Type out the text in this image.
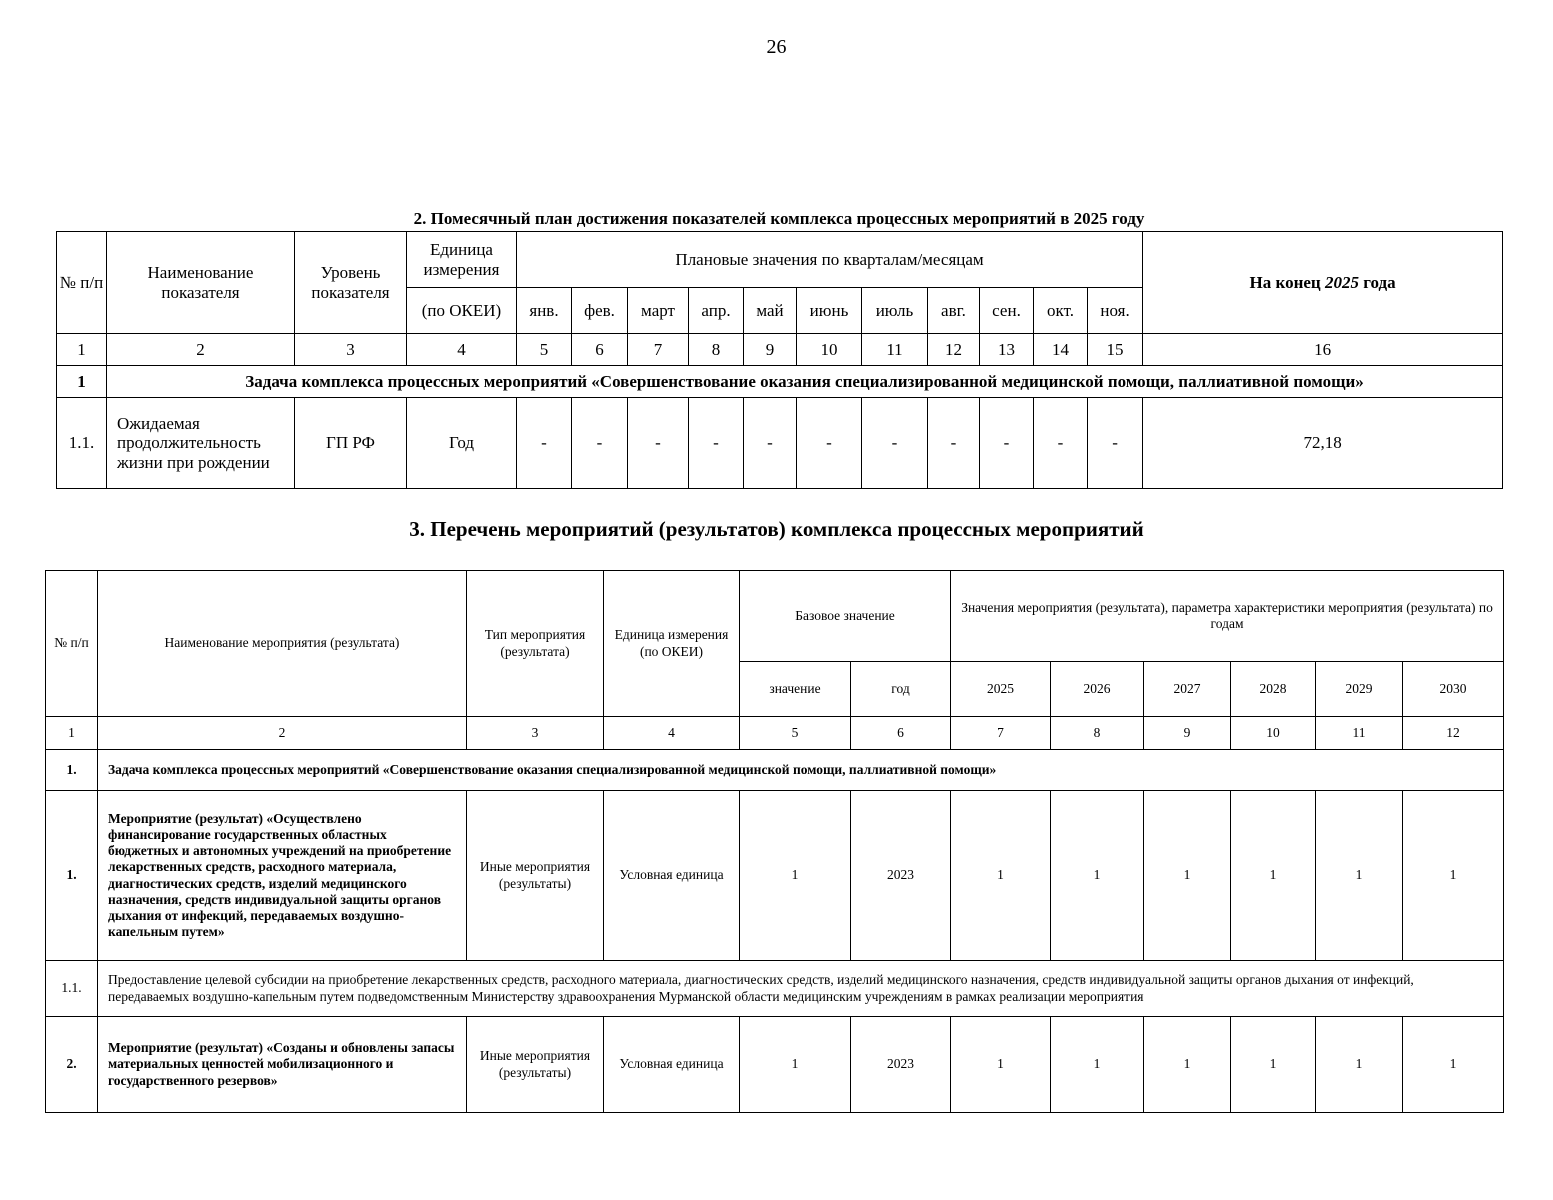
26
2. Помесячный план достижения показателей комплекса процессных мероприятий в 2025 году
№ п/п	Наименование показателя	Уровень показателя	Единица измерения	Плановые значения по кварталам/месяцам											На конец 2025 года
			(по ОКЕИ)	янв.	фев.	март	апр.	май	июнь	июль	авг.	сен.	окт.	ноя.	
1	2	3	4	5	6	7	8	9	10	11	12	13	14	15	16
1	Задача комплекса процессных мероприятий «Совершенствование оказания специализированной медицинской помощи, паллиативной помощи»														
1.1.	Ожидаемая продолжительность жизни при рождении	ГП РФ	Год	-	-	-	-	-	-	-	-	-	-	-	72,18
3. Перечень мероприятий (результатов) комплекса процессных мероприятий
№ п/п	Наименование мероприятия (результата)	Тип мероприятия (результата)	Единица измерения (по ОКЕИ)	Базовое значение		Значения мероприятия (результата), параметра характеристики мероприятия (результата) по годам					
				значение	год	2025	2026	2027	2028	2029	2030
1	2	3	4	5	6	7	8	9	10	11	12
1.	Задача комплекса процессных мероприятий «Совершенствование оказания специализированной медицинской помощи, паллиативной помощи»										
1.	Мероприятие (результат) «Осуществлено финансирование государственных областных бюджетных и автономных учреждений на приобретение лекарственных средств, расходного материала, диагностических средств, изделий медицинского назначения, средств индивидуальной защиты органов дыхания от инфекций, передаваемых воздушно-капельным путем»	Иные мероприятия (результаты)	Условная единица	1	2023	1	1	1	1	1	1
1.1.	Предоставление целевой субсидии на приобретение лекарственных средств, расходного материала, диагностических средств, изделий медицинского назначения, средств индивидуальной защиты органов дыхания от инфекций, передаваемых воздушно-капельным путем подведомственным Министерству здравоохранения Мурманской области медицинским учреждениям в рамках реализации мероприятия										
2.	Мероприятие (результат) «Созданы и обновлены запасы материальных ценностей мобилизационного и государственного резервов»	Иные мероприятия (результаты)	Условная единица	1	2023	1	1	1	1	1	1
